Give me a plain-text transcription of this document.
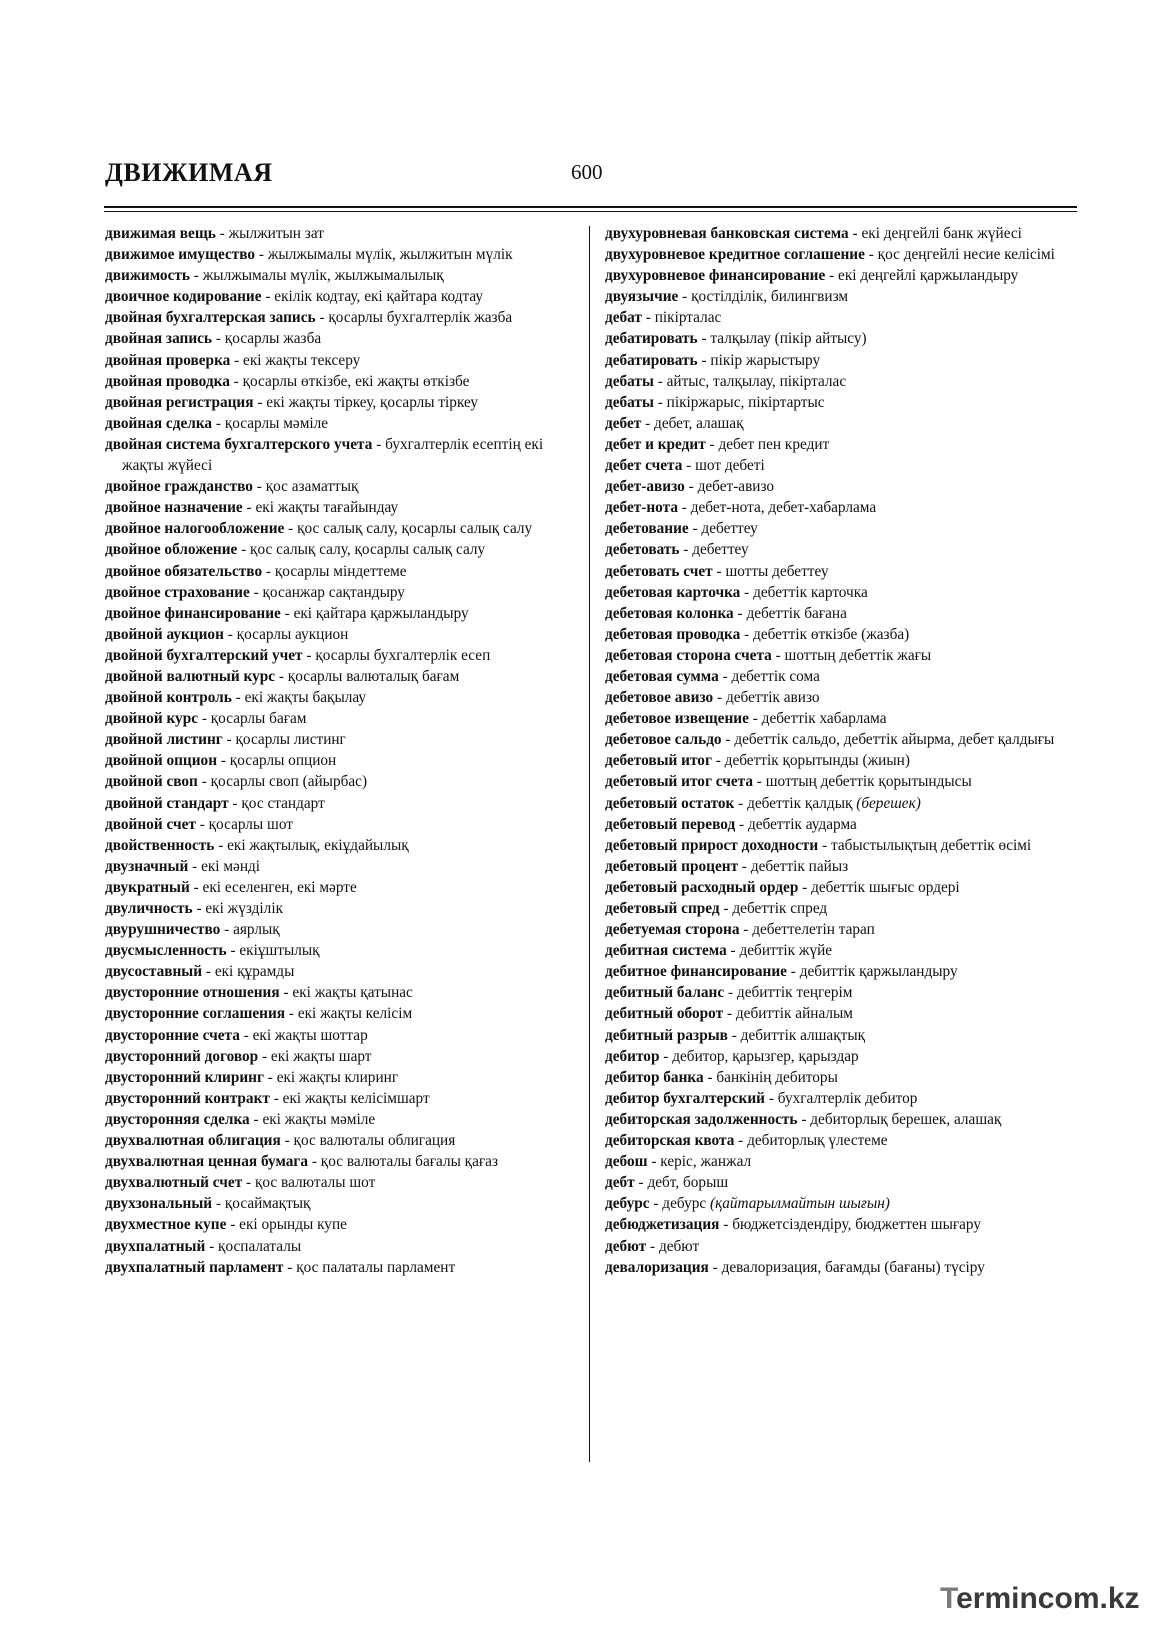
ДВИЖИМАЯ	600

движимая вещь - жылжитын зат

движимое имущество - жылжымалы мүлік, жылжитын мүлік

движимость - жылжымалы мүлік, жылжымалылық

двоичное кодирование - екілік кодтау, екі қайтара кодтау

двойная бухгалтерская запись - қосарлы бухгалтерлік жазба

двойная запись - қосарлы жазба

двойная проверка - екі жақты тексеру

двойная проводка - қосарлы өткізбе, екі жақты өткізбе

двойная регистрация - екі жақты тіркеу, қосарлы тіркеу

двойная сделка - қосарлы мәміле

двойная система бухгалтерского учета - бухгалтерлік есептің екі жақты жүйесі

двойное гражданство - қос азаматтық

двойное назначение - екі жақты тағайындау

двойное налогообложение - қос салық салу, қосарлы салық салу

двойное обложение - қос салық салу, қосарлы салық салу

двойное обязательство - қосарлы міндеттеме

двойное страхование - қосанжар сақтандыру

двойное финансирование - екі қайтара қаржыландыру

двойной аукцион - қосарлы аукцион

двойной бухгалтерский учет - қосарлы бухгалтерлік есеп

двойной валютный курс - қосарлы валюталық бағам

двойной контроль - екі жақты бақылау

двойной курс - қосарлы бағам

двойной листинг - қосарлы листинг

двойной опцион - қосарлы опцион

двойной своп - қосарлы своп (айырбас)

двойной стандарт - қос стандарт

двойной счет - қосарлы шот

двойственность - екі жақтылық, екіұдайылық

двузначный - екі мәнді

двукратный - екі еселенген, екі мәрте

двуличность - екі жүзділік

двурушничество - аярлық

двусмысленность - екіұштылық

двусоставный - екі құрамды

двусторонние отношения - екі жақты қатынас

двусторонние соглашения - екі жақты келісім

двусторонние счета - екі жақты шоттар

двусторонний договор - екі жақты шарт

двусторонний клиринг - екі жақты клиринг

двусторонний контракт - екі жақты келісімшарт

двусторонняя сделка - екі жақты мәміле

двухвалютная облигация - қос валюталы облигация

двухвалютная ценная бумага - қос валюталы бағалы қағаз

двухвалютный счет - қос валюталы шот

двухзональный - қосаймақтық

двухместное купе - екі орынды купе

двухпалатный - қоспалаталы

двухпалатный парламент - қос палаталы парламент

двухуровневая банковская система - екі деңгейлі банк жүйесі

двухуровневое кредитное соглашение - қос деңгейлі несие келісімі

двухуровневое финансирование - екі деңгейлі қаржыландыру

двуязычие - қостілділік, билингвизм

дебат - пікірталас

дебатировать - талқылау (пікір айтысу)

дебатировать - пікір жарыстыру

дебаты - айтыс, талқылау, пікірталас

дебаты - пікіржарыс, пікіртартыс

дебет - дебет, алашақ

дебет и кредит - дебет пен кредит

дебет счета - шот дебеті

дебет-авизо - дебет-авизо

дебет-нота - дебет-нота, дебет-хабарлама

дебетование - дебеттеу

дебетовать - дебеттеу

дебетовать счет - шотты дебеттеу

дебетовая карточка - дебеттік карточка

дебетовая колонка - дебеттік бағана

дебетовая проводка - дебеттік өткізбе (жазба)

дебетовая сторона счета - шоттың дебеттік жағы

дебетовая сумма - дебеттік сома

дебетовое авизо - дебеттік авизо

дебетовое извещение - дебеттік хабарлама

дебетовое сальдо - дебеттік сальдо, дебеттік айырма, дебет қалдығы

дебетовый итог - дебеттік қорытынды (жиын)

дебетовый итог счета - шоттың дебеттік қорытындысы

дебетовый остаток - дебеттік қалдық (берешек)

дебетовый перевод - дебеттік аударма

дебетовый прирост доходности - табыстылықтың дебеттік өсімі

дебетовый процент - дебеттік пайыз

дебетовый расходный ордер - дебеттік шығыс ордері

дебетовый спред - дебеттік спред

дебетуемая сторона - дебеттелетін тарап

дебитная система - дебиттік жүйе

дебитное финансирование - дебиттік қаржыландыру

дебитный баланс - дебиттік теңгерім

дебитный оборот - дебиттік айналым

дебитный разрыв - дебиттік алшақтық

дебитор - дебитор, қарызгер, қарыздар

дебитор банка - банкінің дебиторы

дебитор бухгалтерский - бухгалтерлік дебитор

дебиторская задолженность - дебиторлық берешек, алашақ

дебиторская квота - дебиторлық үлестеме

дебош - керіс, жанжал

дебт - дебт, борыш

дебурс - дебурс (қайтарылмайтын шығын)

дебюджетизация - бюджетсіздендіру, бюджеттен шығару

дебют - дебют

девалоризация - девалоризация, бағамды (бағаны) түсіру

Termincom.kz
